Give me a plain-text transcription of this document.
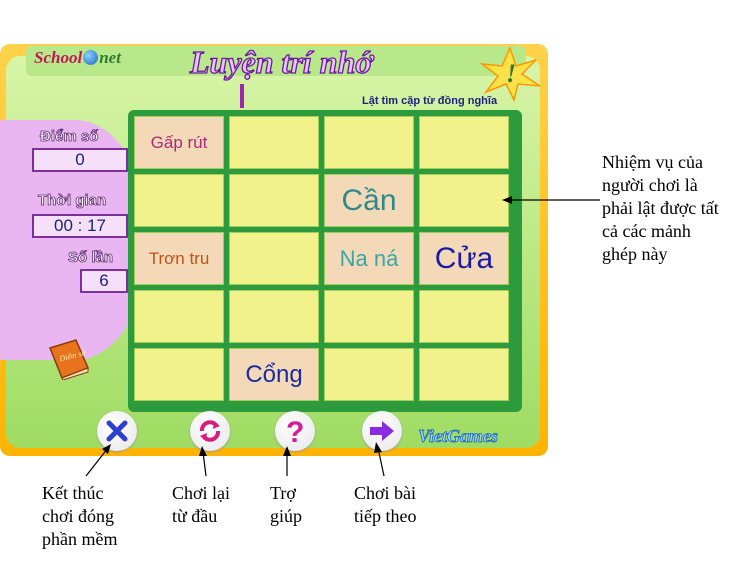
School net Luyện trí nhớ
Lật tìm cặp từ đồng nghĩa
!
Điểm số
0
Thời gian
00 : 17
Số lần
6
Điểm số
Gấp rút
Cần
Trơn tru	Na ná Cửa
Cổng
?	VietGames
Nhiệm vụ của
người chơi là
phải lật được tất
cả các mảnh
ghép này
Kết thúc
chơi đóng
phần mềm
Chơi lại
từ đầu
Trợ
giúp
Chơi bài
tiếp theo
